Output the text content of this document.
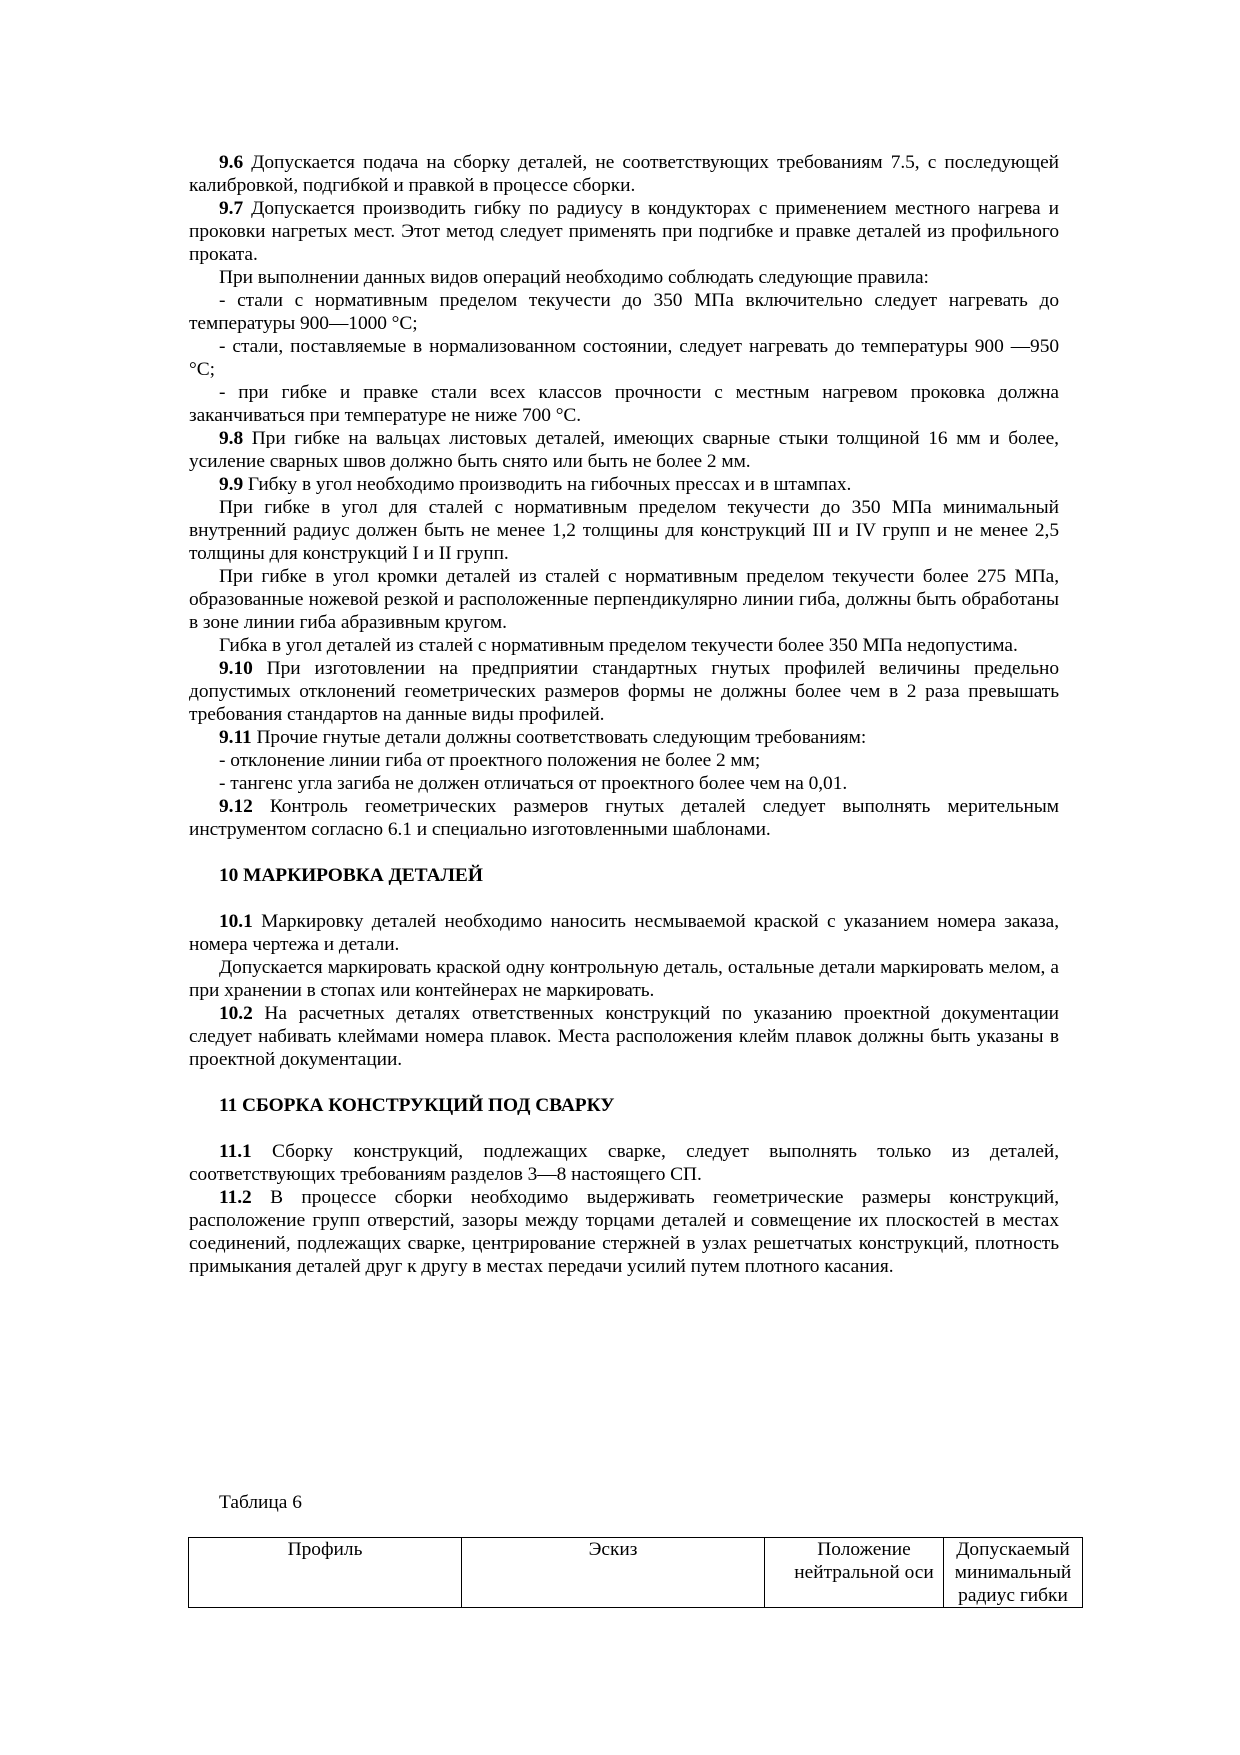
9.6 Допускается подача на сборку деталей, не соответствующих требованиям 7.5, с последующей калибровкой, подгибкой и правкой в процессе сборки.

9.7 Допускается производить гибку по радиусу в кондукторах с применением местного нагрева и проковки нагретых мест. Этот метод следует применять при подгибке и правке деталей из профильного проката.

При выполнении данных видов операций необходимо соблюдать следующие правила:

- стали с нормативным пределом текучести до 350 МПа включительно следует нагревать до температуры 900—1000 °С;

- стали, поставляемые в нормализованном состоянии, следует нагревать до температуры 900 —950 °С;

- при гибке и правке стали всех классов прочности с местным нагревом проковка должна заканчиваться при температуре не ниже 700 °С.

9.8 При гибке на вальцах листовых деталей, имеющих сварные стыки толщиной 16 мм и более, усиление сварных швов должно быть снято или быть не более 2 мм.

9.9 Гибку в угол необходимо производить на гибочных прессах и в штампах.

При гибке в угол для сталей с нормативным пределом текучести до 350 МПа минимальный внутренний радиус должен быть не менее 1,2 толщины для конструкций III и IV групп и не менее 2,5 толщины для конструкций I и II групп.

При гибке в угол кромки деталей из сталей с нормативным пределом текучести более 275 МПа, образованные ножевой резкой и расположенные перпендикулярно линии гиба, должны быть обработаны в зоне линии гиба абразивным кругом.

Гибка в угол деталей из сталей с нормативным пределом текучести более 350 МПа недопустима.

9.10 При изготовлении на предприятии стандартных гнутых профилей величины предельно допустимых отклонений геометрических размеров формы не должны более чем в 2 раза превышать требования стандартов на данные виды профилей.

9.11 Прочие гнутые детали должны соответствовать следующим требованиям:

- отклонение линии гиба от проектного положения не более 2 мм;

- тангенс угла загиба не должен отличаться от проектного более чем на 0,01.

9.12 Контроль геометрических размеров гнутых деталей следует выполнять мерительным инструментом согласно 6.1 и специально изготовленными шаблонами.

10 МАРКИРОВКА ДЕТАЛЕЙ

10.1 Маркировку деталей необходимо наносить несмываемой краской с указанием номера заказа, номера чертежа и детали.

Допускается маркировать краской одну контрольную деталь, остальные детали маркировать мелом, а при хранении в стопах или контейнерах не маркировать.

10.2 На расчетных деталях ответственных конструкций по указанию проектной документации следует набивать клеймами номера плавок. Места расположения клейм плавок должны быть указаны в проектной документации.

11 СБОРКА КОНСТРУКЦИЙ ПОД СВАРКУ

11.1 Сборку конструкций, подлежащих сварке, следует выполнять только из деталей, соответствующих требованиям разделов 3—8 настоящего СП.

11.2 В процессе сборки необходимо выдерживать геометрические размеры конструкций, расположение групп отверстий, зазоры между торцами деталей и совмещение их плоскостей в местах соединений, подлежащих сварке, центрирование стержней в узлах решетчатых конструкций, плотность примыкания деталей друг к другу в местах передачи усилий путем плотного касания.

Таблица 6
Профиль	Эскиз	Положение нейтральной оси	Допускаемый минимальный радиус гибки
